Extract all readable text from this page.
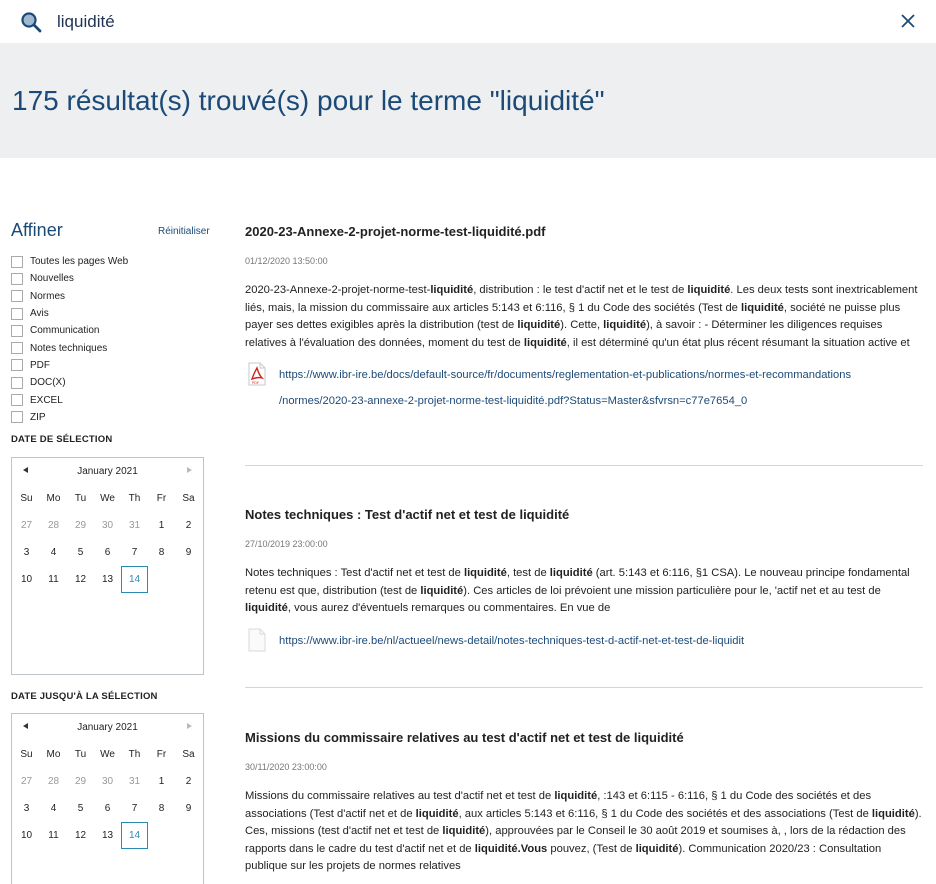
liquidité
175 résultat(s) trouvé(s) pour le terme "liquidité"
Affiner	Réinitialiser
Toutes les pages Web
Nouvelles
Normes
Avis
Communication
Notes techniques
PDF
DOC(X)
EXCEL
ZIP
DATE DE SÉLECTION
January 2021
Su	Mo	Tu	We	Th	Fr	Sa
27	28	29	30	31	1	2
3	4	5	6	7	8	9
10	11	12	13	14
DATE JUSQU'À LA SÉLECTION
January 2021
Su	Mo	Tu	We	Th	Fr	Sa
27	28	29	30	31	1	2
3	4	5	6	7	8	9
10	11	12	13	14
2020-23-Annexe-2-projet-norme-test-liquidité.pdf
01/12/2020 13:50:00
2020-23-Annexe-2-projet-norme-test-liquidité, distribution : le test d'actif net et le test de liquidité. Les deux tests sont inextricablement liés, mais, la mission du commissaire aux articles 5:143 et 6:116, § 1 du Code des sociétés (Test de liquidité, société ne puisse plus payer ses dettes exigibles après la distribution (test de liquidité). Cette, liquidité), à savoir : - Déterminer les diligences requises relatives à l'évaluation des données, moment du test de liquidité, il est déterminé qu'un état plus récent résumant la situation active et
PDF
https://www.ibr-ire.be/docs/default-source/fr/documents/reglementation-et-publications/normes-et-recommandations
/normes/2020-23-annexe-2-projet-norme-test-liquidité.pdf?Status=Master&sfvrsn=c77e7654_0
Notes techniques : Test d'actif net et test de liquidité
27/10/2019 23:00:00
Notes techniques : Test d'actif net et test de liquidité, test de liquidité (art. 5:143 et 6:116, §1 CSA). Le nouveau principe fondamental retenu est que, distribution (test de liquidité). Ces articles de loi prévoient une mission particulière pour le, 'actif net et au test de liquidité, vous aurez d'éventuels remarques ou commentaires. En vue de
https://www.ibr-ire.be/nl/actueel/news-detail/notes-techniques-test-d-actif-net-et-test-de-liquidit
Missions du commissaire relatives au test d'actif net et test de liquidité
30/11/2020 23:00:00
Missions du commissaire relatives au test d'actif net et test de liquidité, :143 et 6:115 - 6:116, § 1 du Code des sociétés et des associations (Test d'actif net et de liquidité, aux articles 5:143 et 6:116, § 1 du Code des sociétés et des associations (Test de liquidité). Ces, missions (test d'actif net et test de liquidité), approuvées par le Conseil le 30 août 2019 et soumises à, , lors de la rédaction des rapports dans le cadre du test d'actif net et de liquidité.Vous pouvez, (Test de liquidité). Communication 2020/23 : Consultation publique sur les projets de normes relatives
